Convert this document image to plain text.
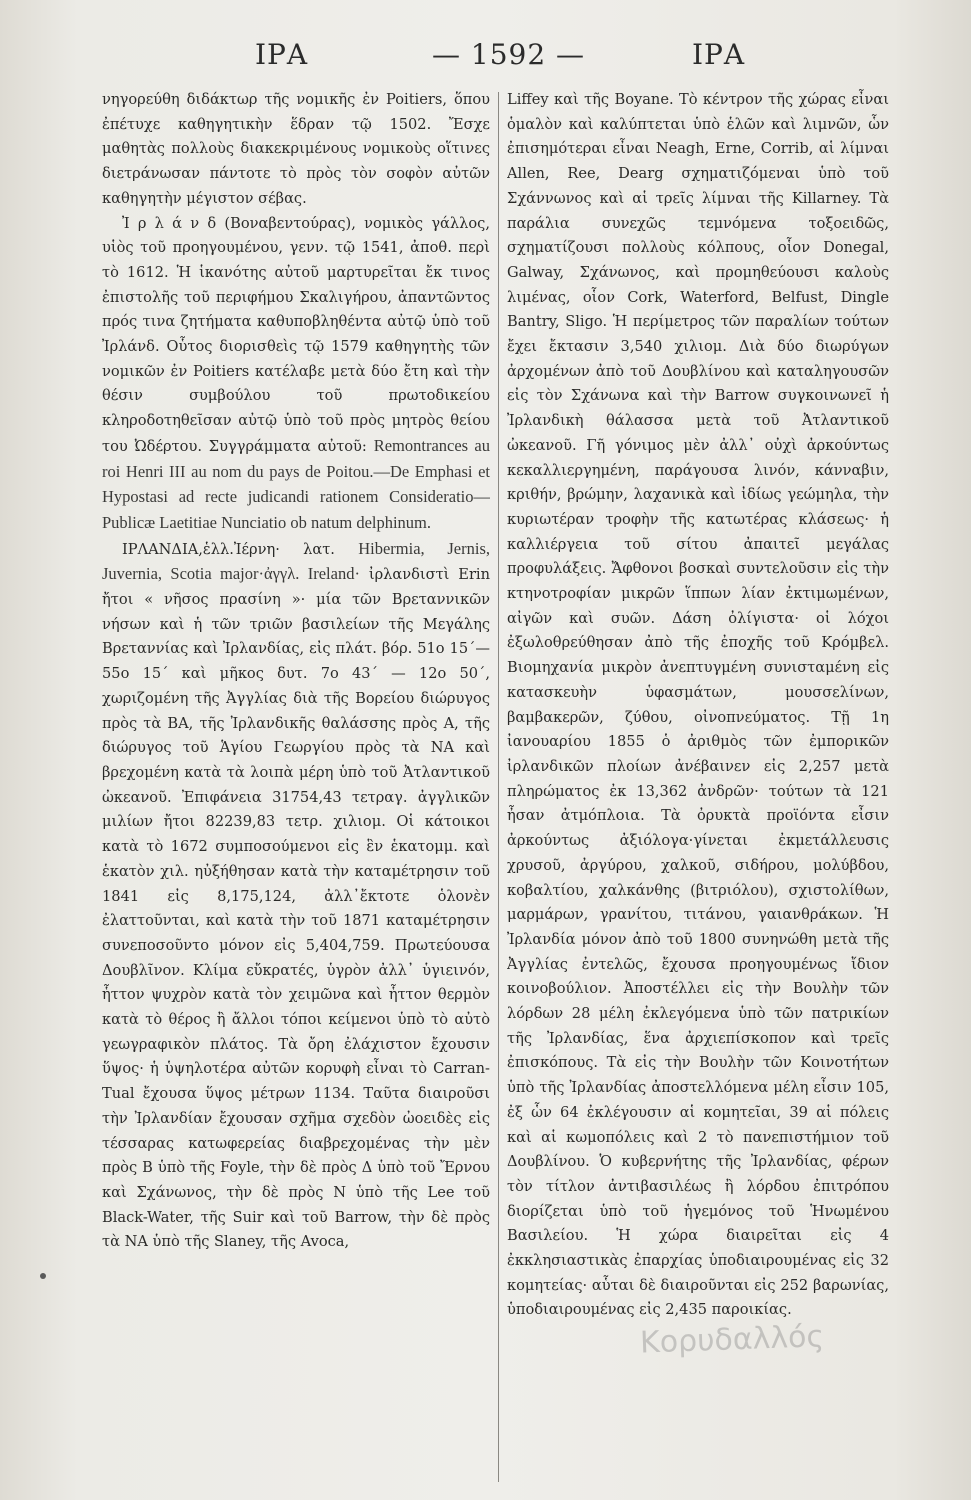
ΙΡΑ	— 1592 —	ΙΡΑ

νηγορεύθη διδάκτωρ τῆς νομικῆς ἐν Poitiers, ὅπου ἐπέτυχε καθηγητικὴν ἕδραν τῷ 1502. Ἔσχε μαθητὰς πολλοὺς διακεκριμένους νομικοὺς οἵτινες διετράνωσαν πάντοτε τὸ πρὸς τὸν σοφὸν αὐτῶν καθηγητὴν μέγιστον σέβας.

Ἰ ρ λ ά ν δ (Βοναβεντούρας), νομικὸς γάλλος, υἱὸς τοῦ προηγουμένου, γενν. τῷ 1541, ἀποθ. περὶ τὸ 1612. Ἡ ἱκανότης αὐτοῦ μαρτυρεῖται ἔκ τινος ἐπιστολῆς τοῦ περιφήμου Σκαλιγήρου, ἀπαντῶντος πρός τινα ζητήματα καθυποβληθέντα αὐτῷ ὑπὸ τοῦ Ἰρλάνδ. Οὗτος διορισθεὶς τῷ 1579 καθηγητὴς τῶν νομικῶν ἐν Poitiers κατέλαβε μετὰ δύο ἔτη καὶ τὴν θέσιν συμβούλου τοῦ πρωτοδικείου κληροδοτηθεῖσαν αὐτῷ ὑπὸ τοῦ πρὸς μητρὸς θείου του Ὠδέρτου. Συγγράμματα αὐτοῦ: Remontrances au roi Henri III au nom du pays de Poitou.—De Emphasi et Hypostasi ad recte judicandi rationem Consideratio—Publicæ Laetitiae Nunciatio ob natum delphinum.

ΙΡΛΑΝΔΙΑ,ἑλλ.Ἰέρνη· λατ. Hibermia, Jernis, Juvernia, Scotia major·ἀγγλ. Ireland· ἰρλανδιστὶ Erin ἤτοι « νῆσος πρασίνη »· μία τῶν Βρεταννικῶν νήσων καὶ ἡ τῶν τριῶν βασιλείων τῆς Μεγάλης Βρεταννίας καὶ Ἰρλανδίας, εἰς πλάτ. βόρ. 51ο 15΄—55ο 15΄ καὶ μῆκος δυτ. 7ο 43΄ — 12ο 50΄, χωριζομένη τῆς Ἀγγλίας διὰ τῆς Βορείου διώρυγος πρὸς τὰ ΒΑ, τῆς Ἰρλανδικῆς θαλάσσης πρὸς Α, τῆς διώρυγος τοῦ Ἁγίου Γεωργίου πρὸς τὰ ΝΑ καὶ βρεχομένη κατὰ τὰ λοιπὰ μέρη ὑπὸ τοῦ Ἀτλαντικοῦ ὠκεανοῦ. Ἐπιφάνεια 31754,43 τετραγ. ἀγγλικῶν μιλίων ἤτοι 82239,83 τετρ. χιλιομ. Οἱ κάτοικοι κατὰ τὸ 1672 συμποσούμενοι εἰς ἓν ἑκατομμ. καὶ ἑκατὸν χιλ. ηὐξήθησαν κατὰ τὴν καταμέτρησιν τοῦ 1841 εἰς 8,175,124, ἀλλ᾽ἔκτοτε ὁλονὲν ἐλαττοῦνται, καὶ κατὰ τὴν τοῦ 1871 καταμέτρησιν συνεποσοῦντο μόνον εἰς 5,404,759. Πρωτεύουσα Δουβλῖνον. Κλίμα εὔκρατές, ὑγρὸν ἀλλ᾽ ὑγιεινόν, ἧττον ψυχρὸν κατὰ τὸν χειμῶνα καὶ ἧττον θερμὸν κατὰ τὸ θέρος ἢ ἄλλοι τόποι κείμενοι ὑπὸ τὸ αὐτὸ γεωγραφικὸν πλάτος. Τὰ ὄρη ἐλάχιστον ἔχουσιν ὕψος· ἡ ὑψηλοτέρα αὐτῶν κορυφὴ εἶναι τὸ Carran-Tual ἔχουσα ὕψος μέτρων 1134. Ταῦτα διαιροῦσι τὴν Ἰρλανδίαν ἔχουσαν σχῆμα σχεδὸν ὠοειδὲς εἰς τέσσαρας κατωφερείας διαβρεχομένας τὴν μὲν πρὸς Β ὑπὸ τῆς Foyle, τὴν δὲ πρὸς Δ ὑπὸ τοῦ Ἔρνου καὶ Σχάνωνος, τὴν δὲ πρὸς Ν ὑπὸ τῆς Lee τοῦ Black-Water, τῆς Suir καὶ τοῦ Barrow, τὴν δὲ πρὸς τὰ ΝΑ ὑπὸ τῆς Slaney, τῆς Avoca,

Liffey καὶ τῆς Boyane. Τὸ κέντρον τῆς χώρας εἶναι ὁμαλὸν καὶ καλύπτεται ὑπὸ ἑλῶν καὶ λιμνῶν, ὧν ἐπισημότεραι εἶναι Neagh, Erne, Corrib, αἱ λίμναι Allen, Ree, Dearg σχηματιζόμεναι ὑπὸ τοῦ Σχάννωνος καὶ αἱ τρεῖς λίμναι τῆς Killarney. Τὰ παράλια συνεχῶς τεμνόμενα τοξοειδῶς, σχηματίζουσι πολλοὺς κόλπους, οἷον Donegal, Galway, Σχάνωνος, καὶ προμηθεύουσι καλοὺς λιμένας, οἷον Cork, Waterford, Belfust, Dingle Bantry, Sligo. Ἡ περίμετρος τῶν παραλίων τούτων ἔχει ἔκτασιν 3,540 χιλιομ. Διὰ δύο διωρύγων ἀρχομένων ἀπὸ τοῦ Δουβλίνου καὶ καταληγουσῶν εἰς τὸν Σχάνωνα καὶ τὴν Barrow συγκοινωνεῖ ἡ Ἰρλανδικὴ θάλασσα μετὰ τοῦ Ἀτλαντικοῦ ὠκεανοῦ. Γῆ γόνιμος μὲν ἀλλ᾽ οὐχὶ ἀρκούντως κεκαλλιεργημένη, παράγουσα λινόν, κάνναβιν, κριθήν, βρώμην, λαχανικὰ καὶ ἰδίως γεώμηλα, τὴν κυριωτέραν τροφὴν τῆς κατωτέρας κλάσεως· ἡ καλλιέργεια τοῦ σίτου ἀπαιτεῖ μεγάλας προφυλάξεις. Ἄφθονοι βοσκαὶ συντελοῦσιν εἰς τὴν κτηνοτροφίαν μικρῶν ἵππων λίαν ἐκτιμωμένων, αἰγῶν καὶ συῶν. Δάση ὀλίγιστα· οἱ λόχοι ἐξωλοθρεύθησαν ἀπὸ τῆς ἐποχῆς τοῦ Κρόμβελ. Βιομηχανία μικρὸν ἀνεπτυγμένη συνισταμένη εἰς κατασκευὴν ὑφασμάτων, μουσσελίνων, βαμβακερῶν, ζύθου, οἰνοπνεύματος. Τῇ 1η ἰανουαρίου 1855 ὁ ἀριθμὸς τῶν ἐμπορικῶν ἰρλανδικῶν πλοίων ἀνέβαινεν εἰς 2,257 μετὰ πληρώματος ἐκ 13,362 ἀνδρῶν· τούτων τὰ 121 ἦσαν ἀτμόπλοια. Τὰ ὀρυκτὰ προϊόντα εἶσιν ἀρκούντως ἀξιόλογα·γίνεται ἐκμετάλλευσις χρυσοῦ, ἀργύρου, χαλκοῦ, σιδήρου, μολύβδου, κοβαλτίου, χαλκάνθης (βιτριόλου), σχιστολίθων, μαρμάρων, γρανίτου, τιτάνου, γαιανθράκων. Ἡ Ἰρλανδία μόνον ἀπὸ τοῦ 1800 συνηνώθη μετὰ τῆς Ἀγγλίας ἐντελῶς, ἔχουσα προηγουμένως ἴδιον κοινοβούλιον. Ἀποστέλλει εἰς τὴν Βουλὴν τῶν λόρδων 28 μέλη ἐκλεγόμενα ὑπὸ τῶν πατρικίων τῆς Ἰρλανδίας, ἕνα ἀρχιεπίσκοπον καὶ τρεῖς ἐπισκόπους. Τὰ εἰς τὴν Βουλὴν τῶν Κοινοτήτων ὑπὸ τῆς Ἰρλανδίας ἀποστελλόμενα μέλη εἶσιν 105, ἐξ ὧν 64 ἐκλέγουσιν αἱ κομητεῖαι, 39 αἱ πόλεις καὶ αἱ κωμοπόλεις καὶ 2 τὸ πανεπιστήμιον τοῦ Δουβλίνου. Ὁ κυβερνήτης τῆς Ἰρλανδίας, φέρων τὸν τίτλον ἀντιβασιλέως ἢ λόρδου ἐπιτρόπου διορίζεται ὑπὸ τοῦ ἡγεμόνος τοῦ Ἡνωμένου Βασιλείου. Ἡ χώρα διαιρεῖται εἰς 4 ἐκκλησιαστικὰς ἐπαρχίας ὑποδιαιρουμένας εἰς 32 κομητείας· αὗται δὲ διαιροῦνται εἰς 252 βαρωνίας, ὑποδιαιρουμένας εἰς 2,435 παροικίας.

Κορυδαλλός
